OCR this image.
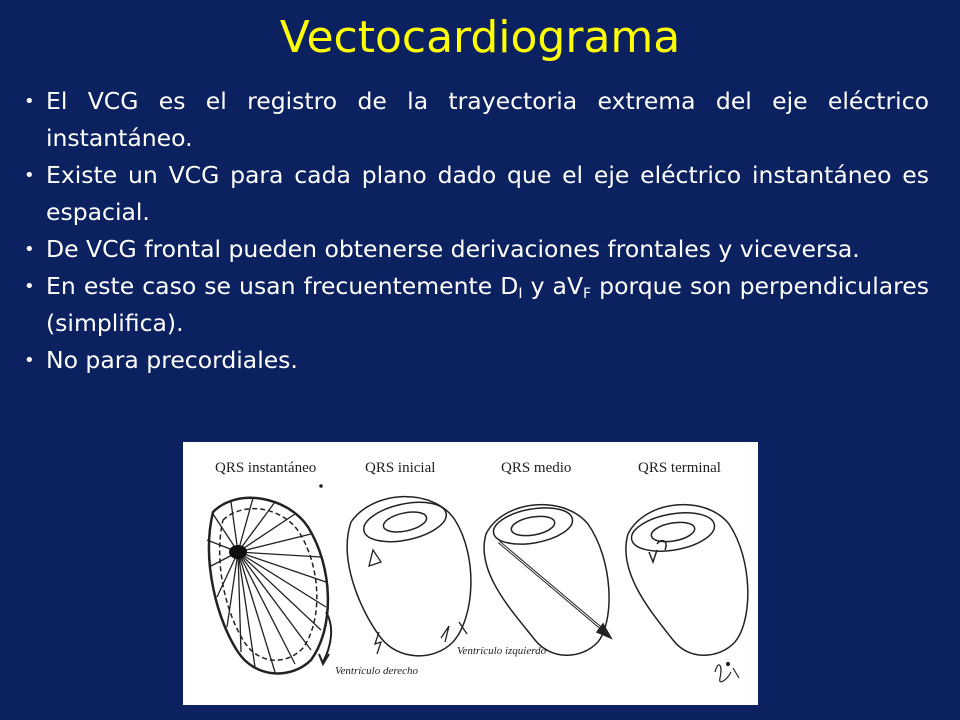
Vectocardiograma
• El VCG es el registro de la trayectoria extrema del eje eléctrico instantáneo.
• Existe un VCG para cada plano dado que el eje eléctrico instantáneo es espacial.
• De VCG frontal pueden obtenerse derivaciones frontales y viceversa.
• En este caso se usan frecuentemente $D_I$ y $aV_F$ porque son perpendiculares (simplifica).
• No para precordiales.
QRS instantáneo	QRS inicial	QRS medio	QRS terminal
Ventrículo derecho
Ventrículo izquierdo
